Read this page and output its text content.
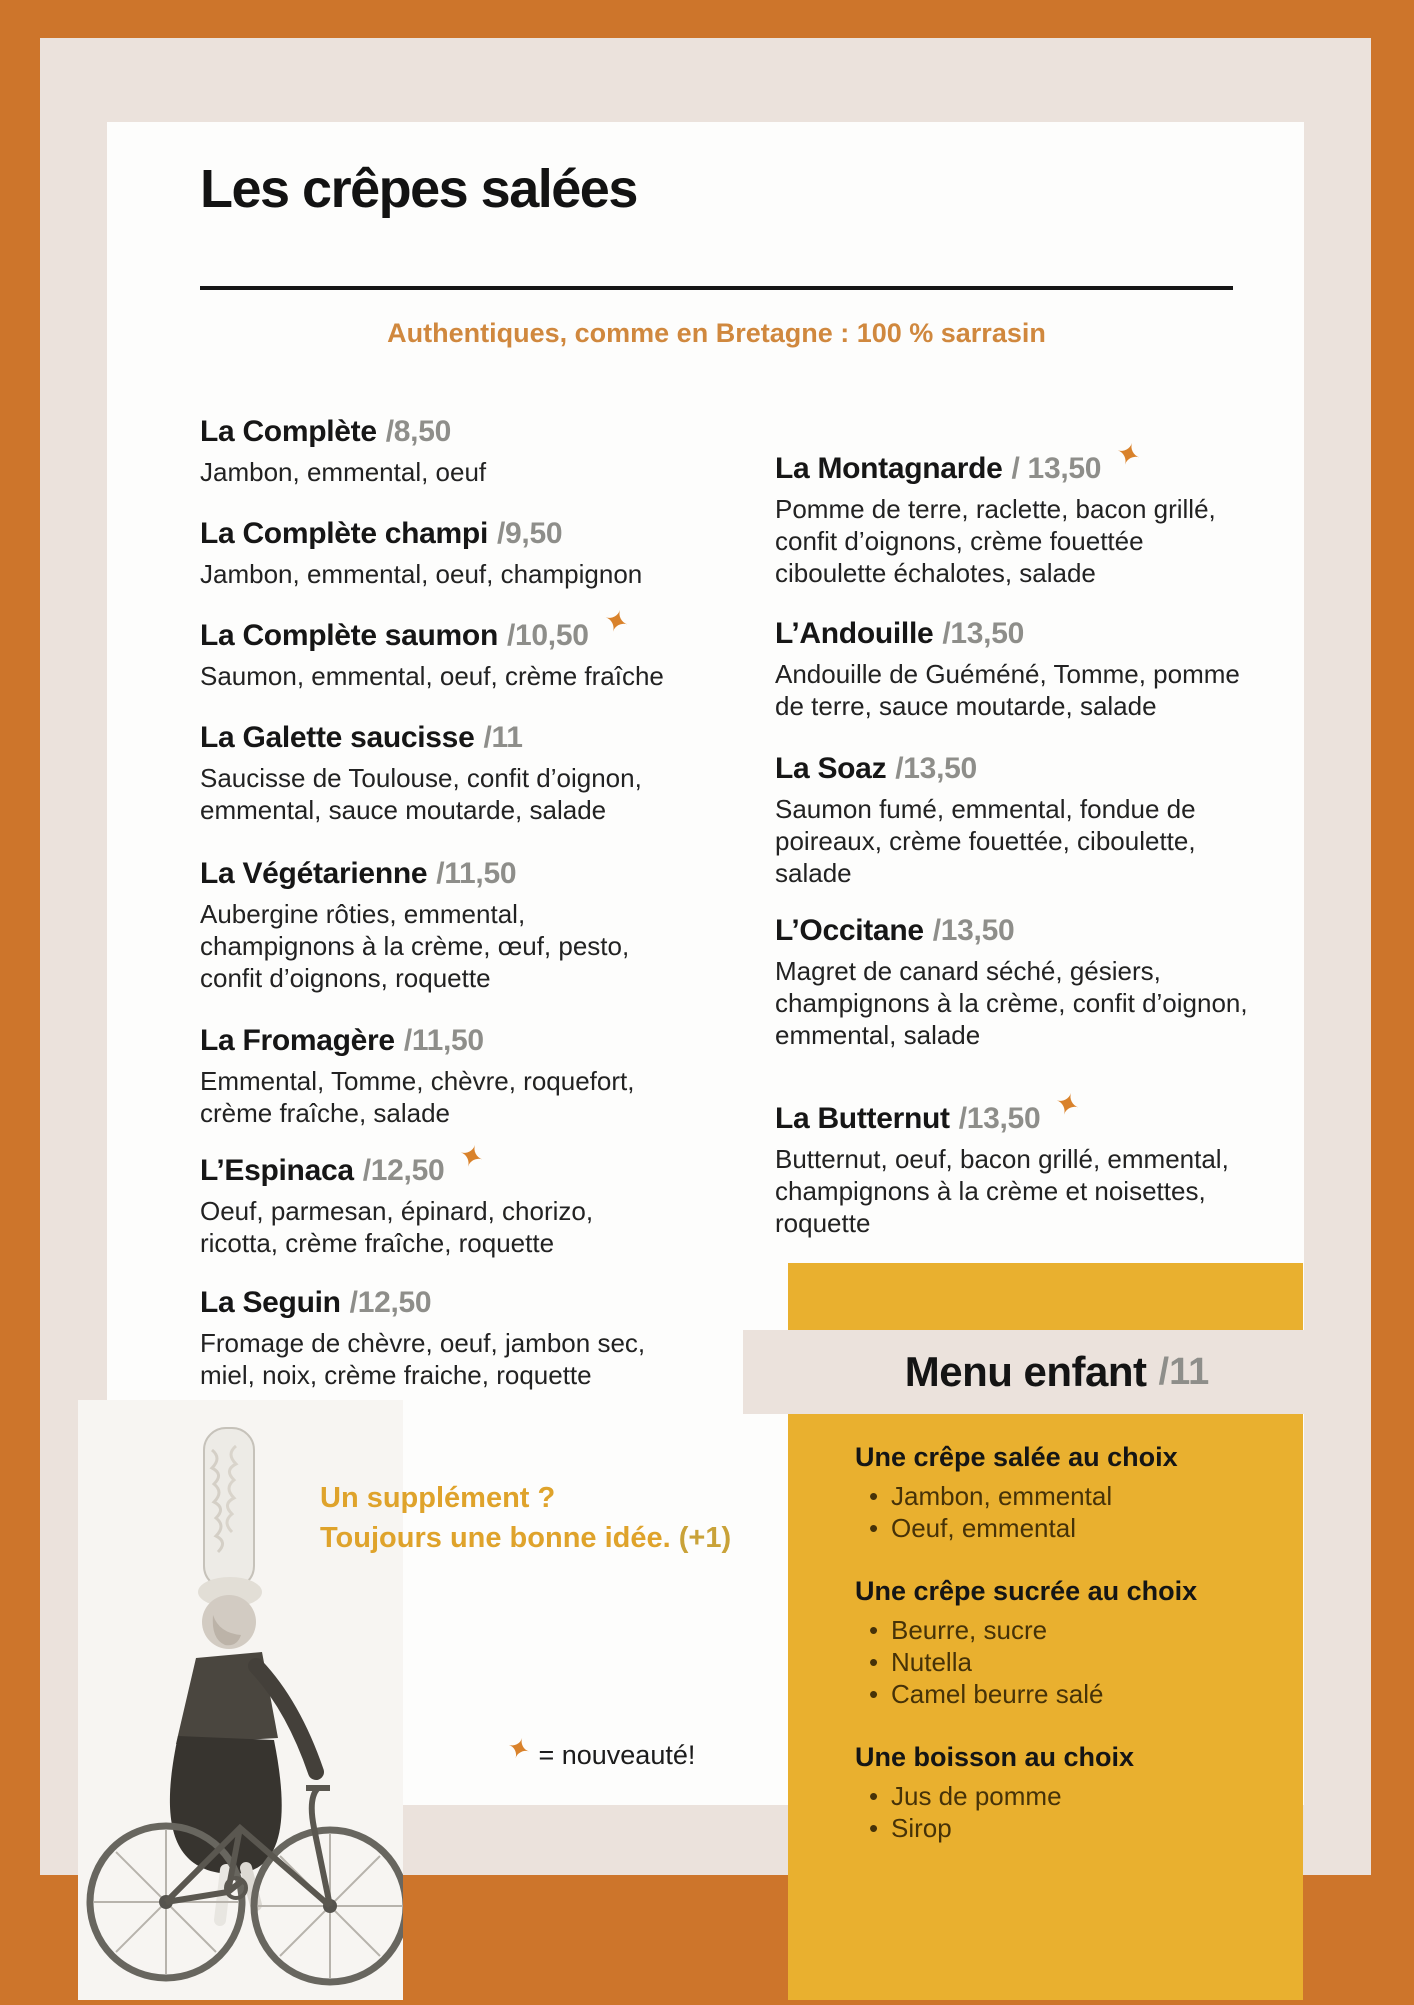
Les crêpes salées
Authentiques, comme en Bretagne : 100 % sarrasin
La Complète /8,50
Jambon, emmental, oeuf
La Complète champi /9,50
Jambon, emmental, oeuf, champignon
La Complète saumon /10,50 ✦
Saumon, emmental, oeuf, crème fraîche
La Galette saucisse /11
Saucisse de Toulouse, confit d’oignon, emmental, sauce moutarde, salade
La Végétarienne /11,50
Aubergine rôties, emmental, champignons à la crème, œuf, pesto, confit d’oignons, roquette
La Fromagère /11,50
Emmental, Tomme, chèvre, roquefort, crème fraîche, salade
L’Espinaca /12,50 ✦
Oeuf, parmesan, épinard, chorizo, ricotta, crème fraîche, roquette
La Seguin /12,50
Fromage de chèvre, oeuf, jambon sec, miel, noix, crème fraiche, roquette
La Montagnarde / 13,50 ✦
Pomme de terre, raclette, bacon grillé, confit d’oignons, crème fouettée ciboulette échalotes, salade
L’Andouille /13,50
Andouille de Guéméné, Tomme, pomme de terre, sauce moutarde, salade
La Soaz /13,50
Saumon fumé, emmental, fondue de poireaux, crème fouettée, ciboulette, salade
L’Occitane /13,50
Magret de canard séché, gésiers, champignons à la crème, confit d’oignon, emmental, salade
La Butternut /13,50 ✦
Butternut, oeuf, bacon grillé, emmental, champignons à la crème et noisettes, roquette
Menu enfant /11
Une crêpe salée au choix
• Jambon, emmental
• Oeuf, emmental
Une crêpe sucrée au choix
• Beurre, sucre
• Nutella
• Camel beurre salé
Une boisson au choix
• Jus de pomme
• Sirop
Un supplément ?
Toujours une bonne idée. (+1)
✦ = nouveauté!
